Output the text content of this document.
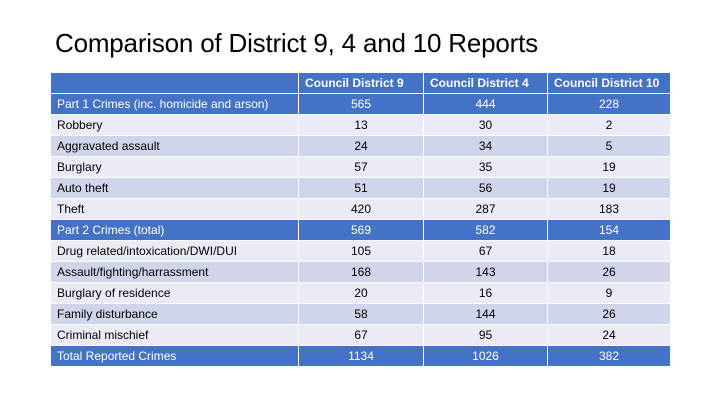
Comparison of District 9, 4 and 10 Reports
	Council District 9	Council District 4	Council District 10
Part 1 Crimes (inc. homicide and arson)	565	444	228
Robbery	13	30	2
Aggravated assault	24	34	5
Burglary	57	35	19
Auto theft	51	56	19
Theft	420	287	183
Part 2 Crimes (total)	569	582	154
Drug related/intoxication/DWI/DUI	105	67	18
Assault/fighting/harrassment	168	143	26
Burglary of residence	20	16	9
Family disturbance	58	144	26
Criminal mischief	67	95	24
Total Reported Crimes	1134	1026	382
